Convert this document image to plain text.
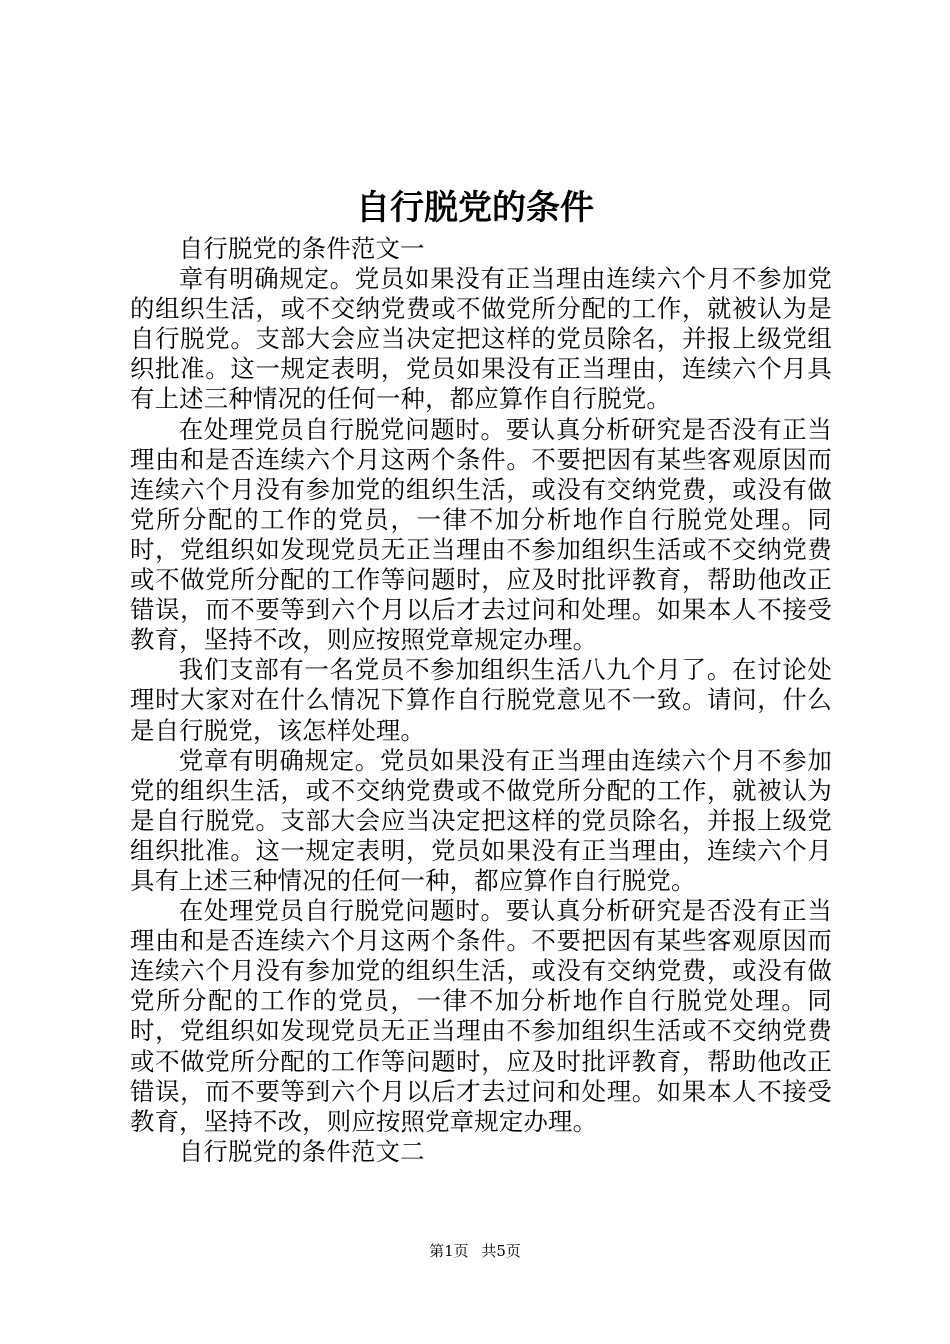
自行脱党的条件

自行脱党的条件范文一

章有明确规定。党员如果没有正当理由连续六个月不参加党的组织生活，或不交纳党费或不做党所分配的工作，就被认为是自行脱党。支部大会应当决定把这样的党员除名，并报上级党组织批准。这一规定表明，党员如果没有正当理由，连续六个月具有上述三种情况的任何一种，都应算作自行脱党。

在处理党员自行脱党问题时。要认真分析研究是否没有正当理由和是否连续六个月这两个条件。不要把因有某些客观原因而连续六个月没有参加党的组织生活，或没有交纳党费，或没有做党所分配的工作的党员，一律不加分析地作自行脱党处理。同时，党组织如发现党员无正当理由不参加组织生活或不交纳党费或不做党所分配的工作等问题时，应及时批评教育，帮助他改正错误，而不要等到六个月以后才去过问和处理。如果本人不接受教育，坚持不改，则应按照党章规定办理。

我们支部有一名党员不参加组织生活八九个月了。在讨论处理时大家对在什么情况下算作自行脱党意见不一致。请问，什么是自行脱党，该怎样处理。

党章有明确规定。党员如果没有正当理由连续六个月不参加党的组织生活，或不交纳党费或不做党所分配的工作，就被认为是自行脱党。支部大会应当决定把这样的党员除名，并报上级党组织批准。这一规定表明，党员如果没有正当理由，连续六个月具有上述三种情况的任何一种，都应算作自行脱党。

在处理党员自行脱党问题时。要认真分析研究是否没有正当理由和是否连续六个月这两个条件。不要把因有某些客观原因而连续六个月没有参加党的组织生活，或没有交纳党费，或没有做党所分配的工作的党员，一律不加分析地作自行脱党处理。同时，党组织如发现党员无正当理由不参加组织生活或不交纳党费或不做党所分配的工作等问题时，应及时批评教育，帮助他改正错误，而不要等到六个月以后才去过问和处理。如果本人不接受教育，坚持不改，则应按照党章规定办理。

自行脱党的条件范文二

第1页 共5页
